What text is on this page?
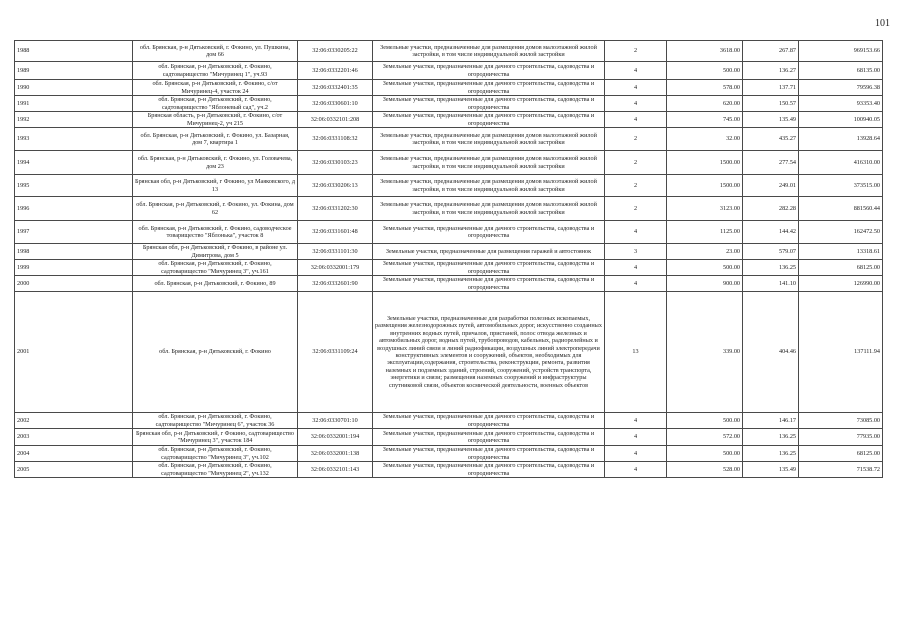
101
1988	обл. Брянская, р-н Дятьковский, г. Фокино, ул. Пушкина, дом 66	32:06:0330205:22	Земельные участки, предназначенные для размещения домов малоэтажной жилой застройки, в том числе индивидуальной жилой застройки	2	3618.00	267.87	969153.66
1989	обл. Брянская, р-н Дятьковский, г. Фокино, садтоварищество "Мичуринец 1", уч.93	32:06:0332201:46	Земельные участки, предназначенные для дачного строительства, садоводства и огородничества	4	500.00	136.27	68135.00
1990	обл. Брянская, р-н Дятьковский, г. Фокино, с/от Мичуринец-4, участок 24	32:06:0332401:35	Земельные участки, предназначенные для дачного строительства, садоводства и огородничества	4	578.00	137.71	79596.38
1991	обл. Брянская, р-н Дятьковский, г. Фокино, садтоварищество "Яблоневый сад", уч.2	32:06:0330601:10	Земельные участки, предназначенные для дачного строительства, садоводства и огородничества	4	620.00	150.57	93353.40
1992	Брянская область, р-н Дятьковский, г. Фокино, с/от Мичуринец-2, уч 215	32:06:0332101:208	Земельные участки, предназначенные для дачного строительства, садоводства и огородничества	4	745.00	135.49	100940.05
1993	обл. Брянская, р-н Дятьковский, г. Фокино, ул. Базарная, дом 7, квартира 1	32:06:0331108:32	Земельные участки, предназначенные для размещения домов малоэтажной жилой застройки, в том числе индивидуальной жилой застройки	2	32.00	435.27	13928.64
1994	обл. Брянская, р-н Дятьковский, г. Фокино, ул. Головачева, дом 23	32:06:0330103:23	Земельные участки, предназначенные для размещения домов малоэтажной жилой застройки, в том числе индивидуальной жилой застройки	2	1500.00	277.54	416310.00
1995	Брянская обл, р-н Дятьковский, г Фокино, ул Маяковского, д 13	32:06:0330206:13	Земельные участки, предназначенные для размещения домов малоэтажной жилой застройки, в том числе индивидуальной жилой застройки	2	1500.00	249.01	373515.00
1996	обл. Брянская, р-н Дятьковский, г. Фокино, ул. Фокина, дом 62	32:06:0331202:30	Земельные участки, предназначенные для размещения домов малоэтажной жилой застройки, в том числе индивидуальной жилой застройки	2	3123.00	282.28	881560.44
1997	обл. Брянская, р-н Дятьковский, г. Фокино, садоводческое товарищество "Яблонька", участок 8	32:06:0331601:48	Земельные участки, предназначенные для дачного строительства, садоводства и огородничества	4	1125.00	144.42	162472.50
1998	Брянская обл, р-н Дятьковский, г Фокино, в районе ул. Димитрова, дом 5	32:06:0331101:30	Земельные участки, предназначенные для размещения гаражей и автостоянок	3	23.00	579.07	13318.61
1999	обл. Брянская, р-н Дятьковский, г. Фокино, садтоварищество "Мичуринец 3", уч.161	32:06:0332001:179	Земельные участки, предназначенные для дачного строительства, садоводства и огородничества	4	500.00	136.25	68125.00
2000	обл. Брянская, р-н Дятьковский, г. Фокино, 89	32:06:0332601:90	Земельные участки, предназначенные для дачного строительства, садоводства и огородничества	4	900.00	141.10	126990.00
2001	обл. Брянская, р-н Дятьковский, г. Фокино	32:06:0331109:24	Земельные участки, предназначенные для разработки полезных ископаемых, размещения железнодорожных путей, автомобильных дорог, искусственно созданных внутренних водных путей, причалов, пристаней, полос отвода железных и автомобильных дорог, водных путей, трубопроводов, кабельных, радиорелейных и воздушных линий связи и линий радиофикации, воздушных линий электропередачи конструктивных элементов и сооружений, объектов, необходимых для эксплуатации,содержания, строительства, реконструкции, ремонта, развития наземных и подземных зданий, строений, сооружений, устройств транспорта, энергетики и связи; размещения наземных сооружений и инфраструктуры спутниковой связи, объектов космической деятельности, военных объектов	13	339.00	404.46	137111.94
2002	обл. Брянская, р-н Дятьковский, г. Фокино, садтоварищество "Мичуринец 6", участок 36	32:06:0330701:10	Земельные участки, предназначенные для дачного строительства, садоводства и огородничества	4	500.00	146.17	73085.00
2003	Брянская обл, р-н Дятьковский, г Фокино, садтоварищество "Мичуринец 3", участок 184	32:06:0332001:194	Земельные участки, предназначенные для дачного строительства, садоводства и огородничества	4	572.00	136.25	77935.00
2004	обл. Брянская, р-н Дятьковский, г. Фокино, садтоварищество "Мичуринец 3", уч.102	32:06:0332001:138	Земельные участки, предназначенные для дачного строительства, садоводства и огородничества	4	500.00	136.25	68125.00
2005	обл. Брянская, р-н Дятьковский, г. Фокино, садтоварищество "Мичуринец 2", уч.132	32:06:0332101:143	Земельные участки, предназначенные для дачного строительства, садоводства и огородничества	4	528.00	135.49	71538.72
